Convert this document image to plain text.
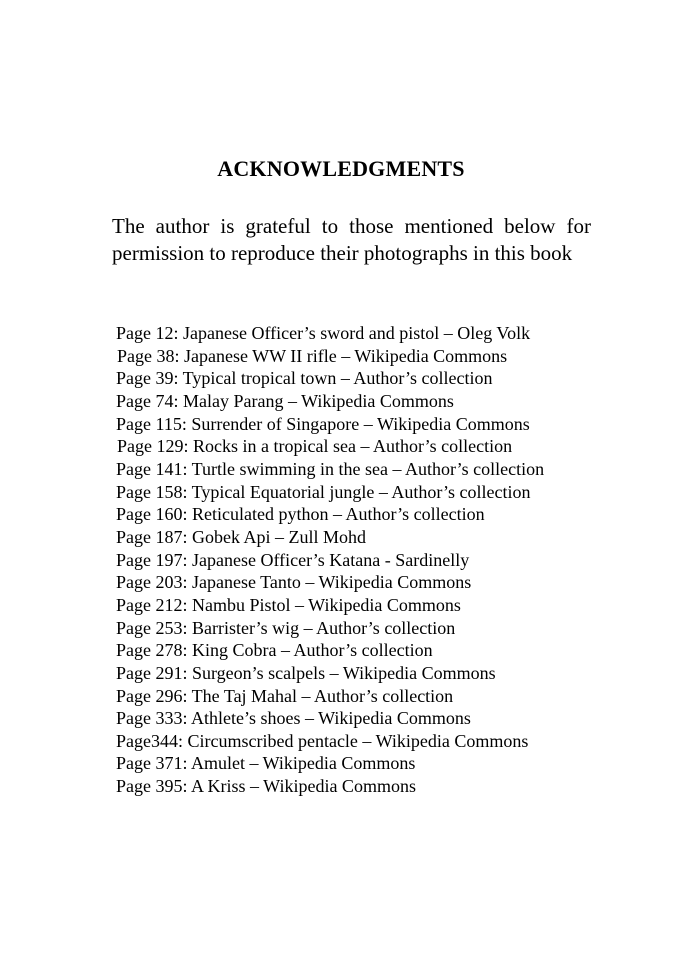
ACKNOWLEDGMENTS

The author is grateful to those mentioned below for permission to reproduce their photographs in this book

Page 12: Japanese Officer’s sword and pistol – Oleg Volk
Page 38: Japanese WW II rifle – Wikipedia Commons
Page 39: Typical tropical town – Author’s collection
Page 74: Malay Parang – Wikipedia Commons
Page 115: Surrender of Singapore – Wikipedia Commons
Page 129: Rocks in a tropical sea – Author’s collection
Page 141: Turtle swimming in the sea – Author’s collection
Page 158: Typical Equatorial jungle – Author’s collection
Page 160: Reticulated python – Author’s collection
Page 187: Gobek Api – Zull Mohd
Page 197: Japanese Officer’s Katana - Sardinelly
Page 203: Japanese Tanto – Wikipedia Commons
Page 212: Nambu Pistol – Wikipedia Commons
Page 253: Barrister’s wig – Author’s collection
Page 278: King Cobra – Author’s collection
Page 291: Surgeon’s scalpels – Wikipedia Commons
Page 296: The Taj Mahal – Author’s collection
Page 333: Athlete’s shoes – Wikipedia Commons
Page344: Circumscribed pentacle – Wikipedia Commons
Page 371: Amulet – Wikipedia Commons
Page 395: A Kriss – Wikipedia Commons
